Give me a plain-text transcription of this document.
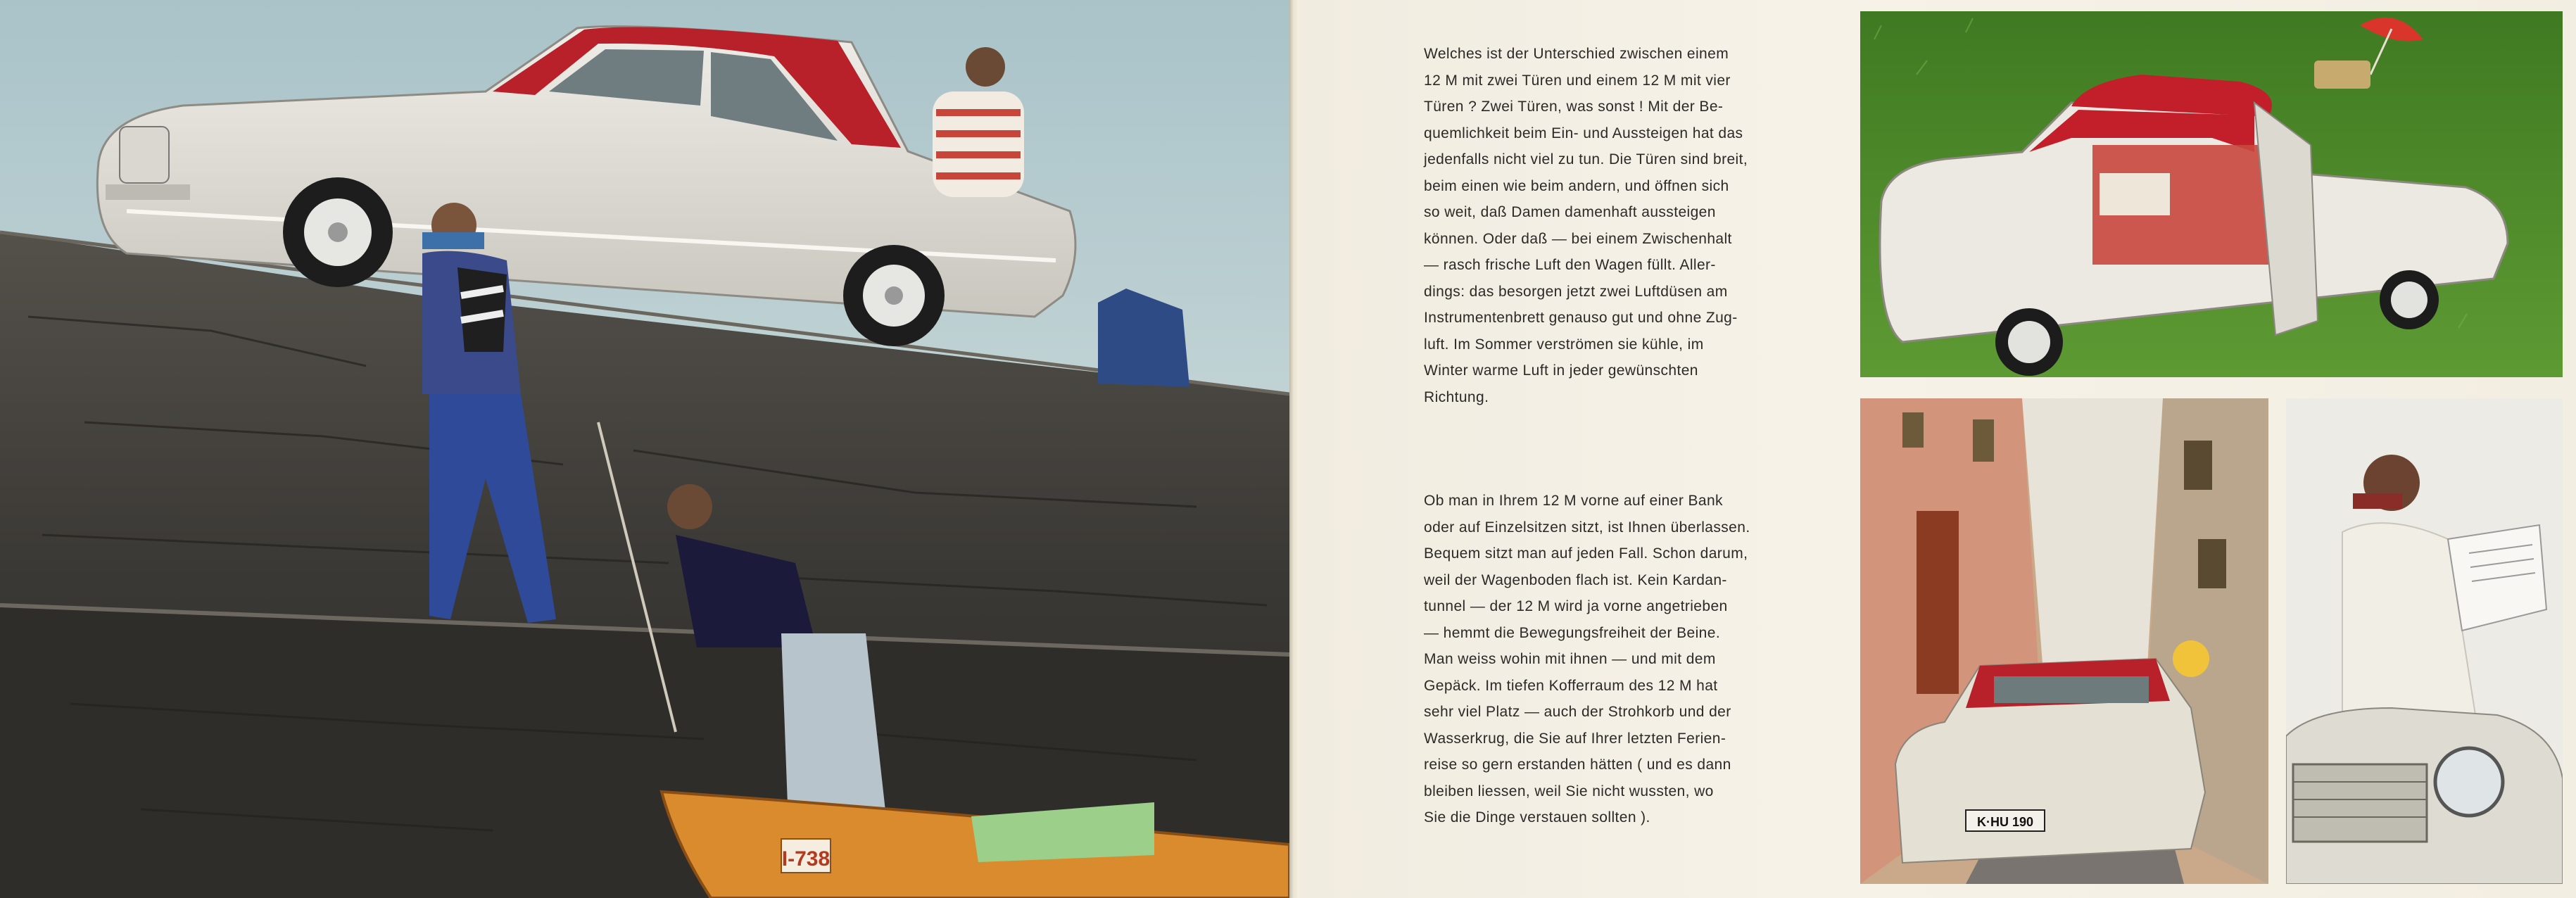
I-738

Welches ist der Unterschied zwischen einem

12 M mit zwei Türen und einem 12 M mit vier

Türen ? Zwei Türen, was sonst ! Mit der Be-

quemlichkeit beim Ein- und Aussteigen hat das

jedenfalls nicht viel zu tun. Die Türen sind breit,

beim einen wie beim andern, und öffnen sich

so weit, daß Damen damenhaft aussteigen

können. Oder daß — bei einem Zwischenhalt

— rasch frische Luft den Wagen füllt. Aller-

dings: das besorgen jetzt zwei Luftdüsen am

Instrumentenbrett genauso gut und ohne Zug-

luft. Im Sommer verströmen sie kühle, im

Winter warme Luft in jeder gewünschten

Richtung.

Ob man in Ihrem 12 M vorne auf einer Bank

oder auf Einzelsitzen sitzt, ist Ihnen überlassen.

Bequem sitzt man auf jeden Fall. Schon darum,

weil der Wagenboden flach ist. Kein Kardan-

tunnel — der 12 M wird ja vorne angetrieben

— hemmt die Bewegungsfreiheit der Beine.

Man weiss wohin mit ihnen — und mit dem

Gepäck. Im tiefen Kofferraum des 12 M hat

sehr viel Platz — auch der Strohkorb und der

Wasserkrug, die Sie auf Ihrer letzten Ferien-

reise so gern erstanden hätten ( und es dann

bleiben liessen, weil Sie nicht wussten, wo

Sie die Dinge verstauen sollten ).	K·HU 190
